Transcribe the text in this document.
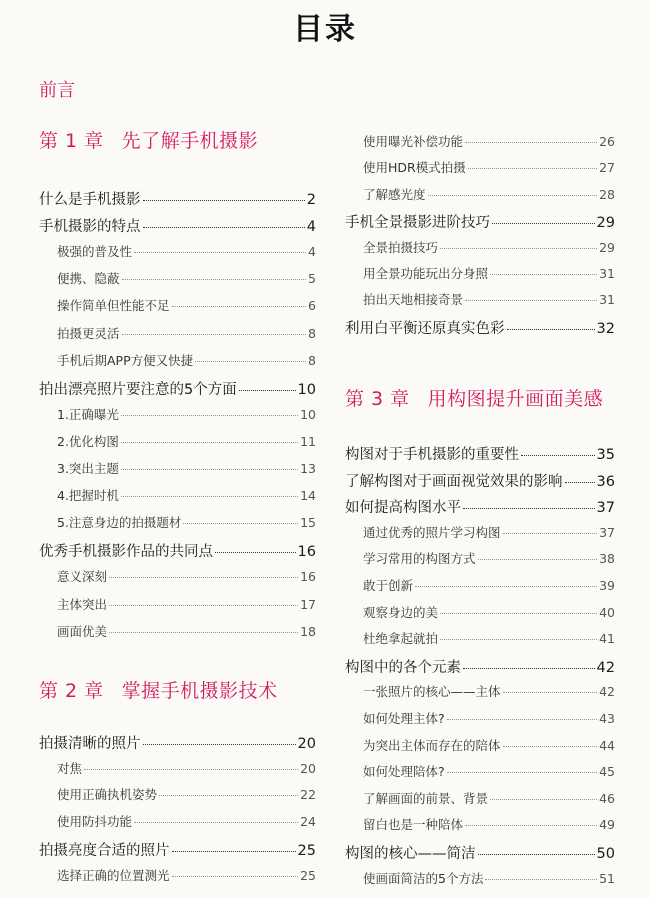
目录
前言
第 1 章 先了解手机摄影
什么是手机摄影	2
手机摄影的特点	4
极强的普及性	4
便携、隐蔽	5
操作简单但性能不足	6
拍摄更灵活	8
手机后期APP方便又快捷	8
拍出漂亮照片要注意的5个方面	10
1.正确曝光	10
2.优化构图	11
3.突出主题	13
4.把握时机	14
5.注意身边的拍摄题材	15
优秀手机摄影作品的共同点	16
意义深刻	16
主体突出	17
画面优美	18
第 2 章 掌握手机摄影技术
拍摄清晰的照片	20
对焦	20
使用正确执机姿势	22
使用防抖功能	24
拍摄亮度合适的照片	25
选择正确的位置测光	25
使用曝光补偿功能	26
使用HDR模式拍摄	27
了解感光度	28
手机全景摄影进阶技巧	29
全景拍摄技巧	29
用全景功能玩出分身照	31
拍出天地相接奇景	31
利用白平衡还原真实色彩	32
第 3 章 用构图提升画面美感
构图对于手机摄影的重要性	35
了解构图对于画面视觉效果的影响 36
如何提高构图水平	37
通过优秀的照片学习构图	37
学习常用的构图方式	38
敢于创新	39
观察身边的美	40
杜绝拿起就拍	41
构图中的各个元素	42
一张照片的核心——主体	42
如何处理主体?	43
为突出主体而存在的陪体	44
如何处理陪体?	45
了解画面的前景、背景	46
留白也是一种陪体	49
构图的核心——简洁	50
使画面简洁的5个方法	51
